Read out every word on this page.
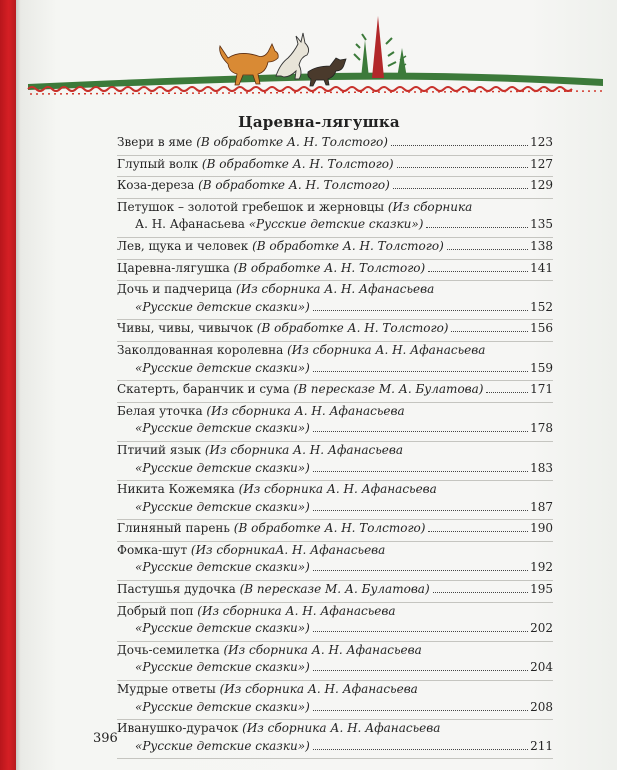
Царевна-лягушка
Звери в яме (В обработке А. Н. Толстого)	123
Глупый волк (В обработке А. Н. Толстого)	127
Коза-дереза (В обработке А. Н. Толстого)	129
Петушок – золотой гребешок и жерновцы (Из сборника
А. Н. Афанасьева «Русские детские сказки»)	135
Лев, щука и человек (В обработке А. Н. Толстого)	138
Царевна-лягушка (В обработке А. Н. Толстого)	141
Дочь и падчерица (Из сборника А. Н. Афанасьева
«Русские детские сказки»)	152
Чивы, чивы, чивычок (В обработке А. Н. Толстого)	156
Заколдованная королевна (Из сборника А. Н. Афанасьева
«Русские детские сказки»)	159
Скатерть, баранчик и сума (В пересказе М. А. Булатова)	171
Белая уточка (Из сборника А. Н. Афанасьева
«Русские детские сказки»)	178
Птичий язык (Из сборника А. Н. Афанасьева
«Русские детские сказки»)	183
Никита Кожемяка (Из сборника А. Н. Афанасьева
«Русские детские сказки»)	187
Глиняный парень (В обработке А. Н. Толстого)	190
Фомка-шут (Из сборникаА. Н. Афанасьева
«Русские детские сказки»)	192
Пастушья дудочка (В пересказе М. А. Булатова)	195
Добрый поп (Из сборника А. Н. Афанасьева
«Русские детские сказки»)	202
Дочь-семилетка (Из сборника А. Н. Афанасьева
«Русские детские сказки»)	204
Мудрые ответы (Из сборника А. Н. Афанасьева
«Русские детские сказки»)	208
Иванушко-дурачок (Из сборника А. Н. Афанасьева
«Русские детские сказки»)	211
396
